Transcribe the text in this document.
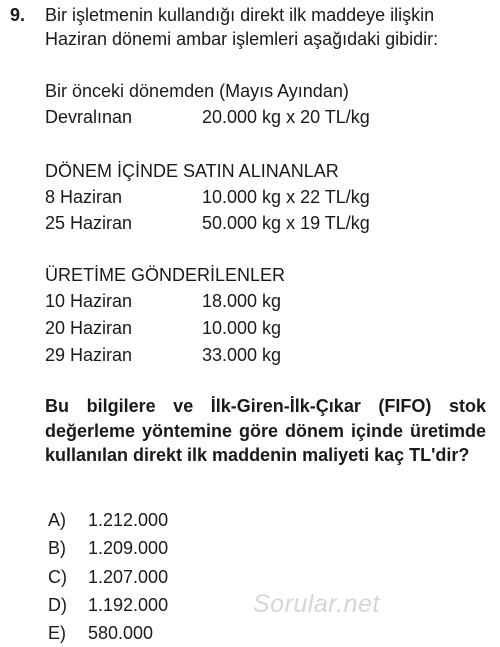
9. Bir işletmenin kullandığı direkt ilk maddeye ilişkin
Haziran dönemi ambar işlemleri aşağıdaki gibidir:
Bir önceki dönemden (Mayıs Ayından)
Devralınan	20.000 kg x 20 TL/kg
DÖNEM İÇİNDE SATIN ALINANLAR
8 Haziran	10.000 kg x 22 TL/kg
25 Haziran	50.000 kg x 19 TL/kg
ÜRETİME GÖNDERİLENLER
10 Haziran	18.000 kg
20 Haziran	10.000 kg
29 Haziran	33.000 kg
Bu bilgilere ve İlk-Giren-İlk-Çıkar (FIFO) stok değerleme yöntemine göre dönem içinde üretimde kullanılan direkt ilk maddenin maliyeti kaç TL'dir?
A) 1.212.000
B) 1.209.000
C) 1.207.000
D) 1.192.000
E) 580.000
Sorular.net
